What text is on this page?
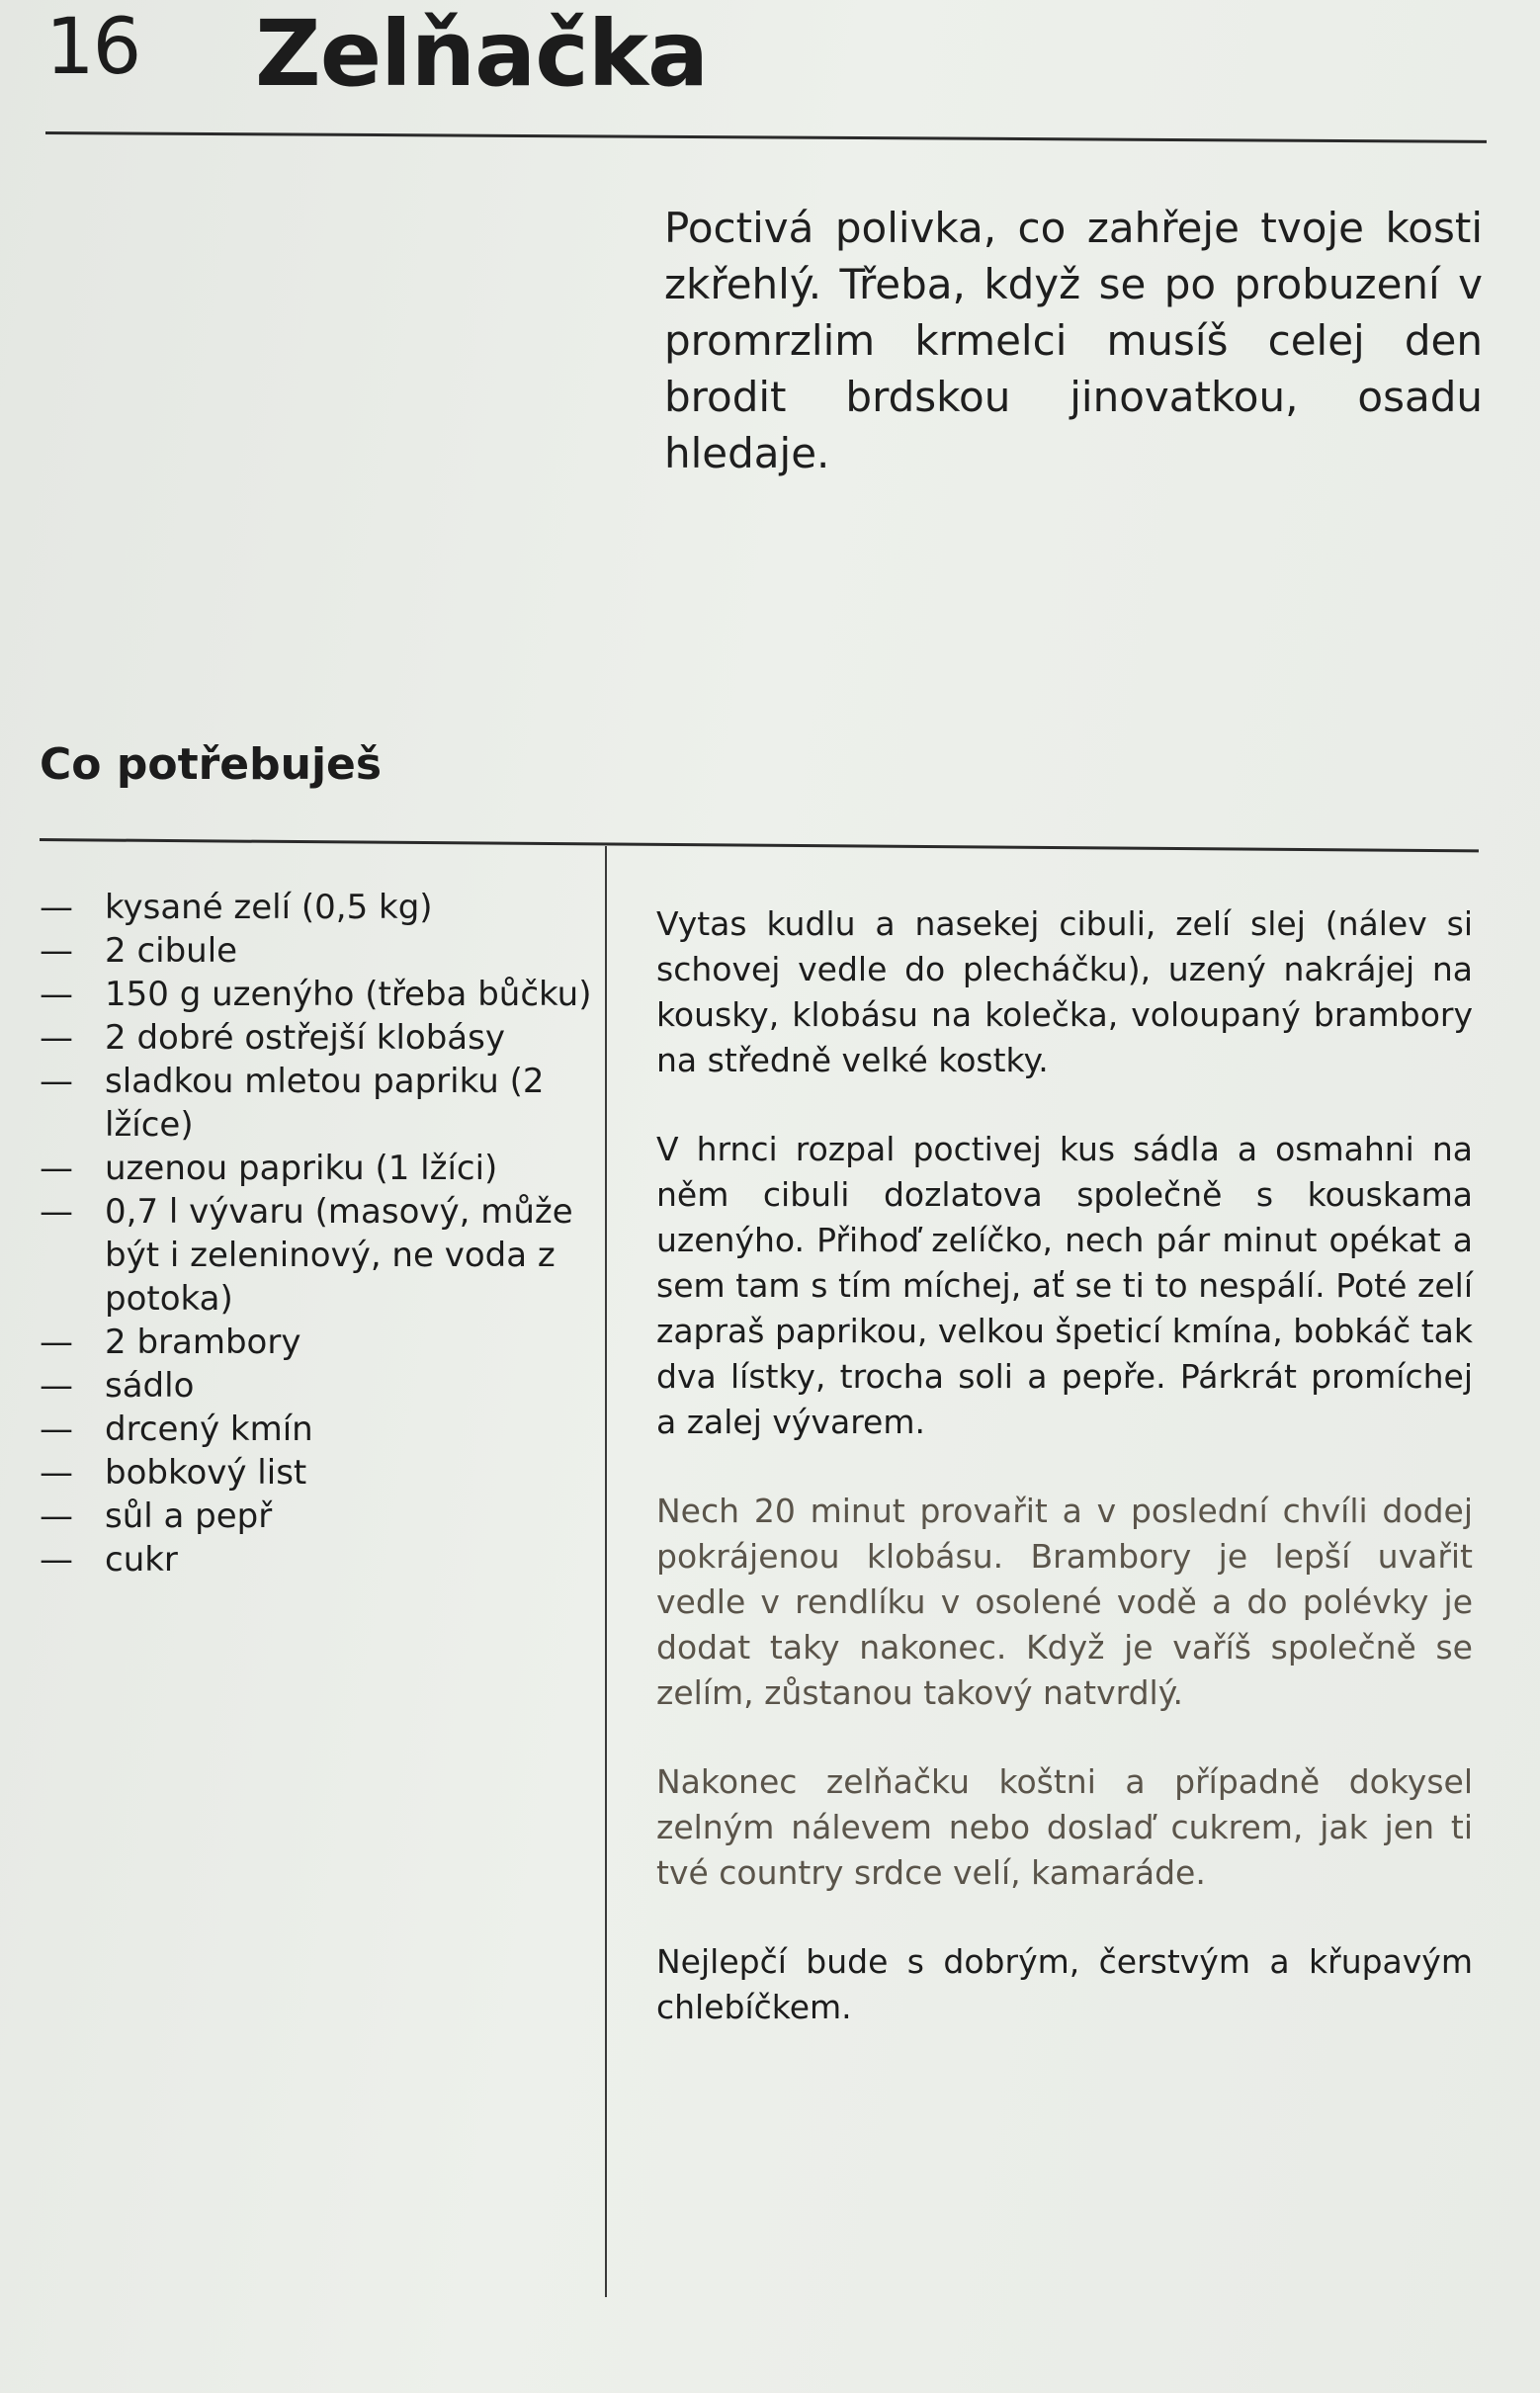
16 Zelňačka

Poctivá polivka, co zahřeje tvoje kosti zkřehlý. Třeba, když se po probuzení v promrzlim krmelci musíš celej den brodit brdskou jinovatkou, osadu hledaje.

Co potřebuješ
— kysané zelí (0,5 kg)
— 2 cibule
— 150 g uzenýho (třeba bůčku)
— 2 dobré ostřejší klobásy
— sladkou mletou papriku (2 lžíce)
— uzenou papriku (1 lžíci)
— 0,7 l vývaru (masový, může být i zeleninový, ne voda z potoka)
— 2 brambory
— sádlo
— drcený kmín
— bobkový list
— sůl a pepř
— cukr

Vytas kudlu a nasekej cibuli, zelí slej (nálev si schovej vedle do plecháčku), uzený nakrájej na kousky, klobásu na kolečka, voloupaný brambory na středně velké kostky.

V hrnci rozpal poctivej kus sádla a osmahni na něm cibuli dozlatova společně s kouskama uzenýho. Přihoď zelíčko, nech pár minut opékat a sem tam s tím míchej, ať se ti to nespálí. Poté zelí zapraš paprikou, velkou špeticí kmína, bobkáč tak dva lístky, trocha soli a pepře. Párkrát promíchej a zalej vývarem.

Nech 20 minut provařit a v poslední chvíli dodej pokrájenou klobásu. Brambory je lepší uvařit vedle v rendlíku v osolené vodě a do polévky je dodat taky nakonec. Když je vaříš společně se zelím, zůstanou takový natvrdlý.

Nakonec zelňačku koštni a případně dokysel zelným nálevem nebo doslaď cukrem, jak jen ti tvé country srdce velí, kamaráde.

Nejlepčí bude s dobrým, čerstvým a křupavým chlebíčkem.
